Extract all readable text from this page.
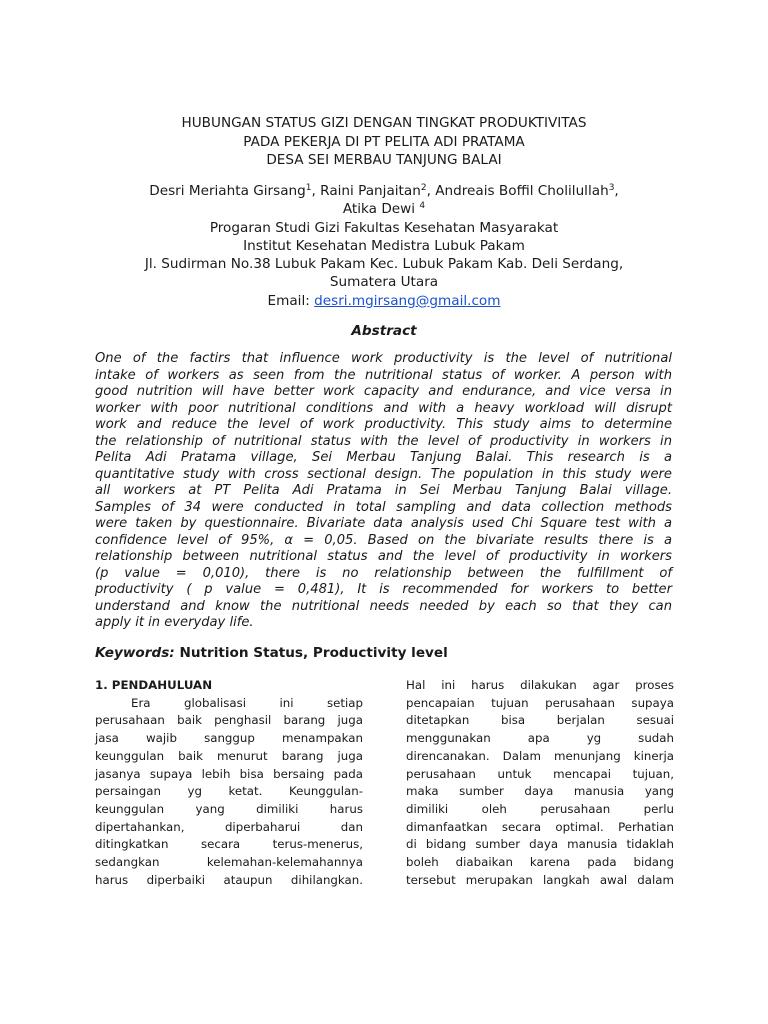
HUBUNGAN STATUS GIZI DENGAN TINGKAT PRODUKTIVITAS
PADA PEKERJA DI PT PELITA ADI PRATAMA
DESA SEI MERBAU TANJUNG BALAI
Desri Meriahta Girsang$^1$, Raini Panjaitan$^2$, Andreais Boffil Cholilullah$^3$,
Atika Dewi $^4$
Progaran Studi Gizi Fakultas Kesehatan Masyarakat
Institut Kesehatan Medistra Lubuk Pakam
Jl. Sudirman No.38 Lubuk Pakam Kec. Lubuk Pakam Kab. Deli Serdang,
Sumatera Utara
Email: desri.mgirsang@gmail.com
Abstract
One of the factirs that influence work productivity is the level of nutritional
intake of workers as seen from the nutritional status of worker. A person with
good nutrition will have better work capacity and endurance, and vice versa in
worker with poor nutritional conditions and with a heavy workload will disrupt
work and reduce the level of work productivity. This study aims to determine
the relationship of nutritional status with the level of productivity in workers in
Pelita Adi Pratama village, Sei Merbau Tanjung Balai. This research is a
quantitative study with cross sectional design. The population in this study were
all workers at PT Pelita Adi Pratama in Sei Merbau Tanjung Balai village.
Samples of 34 were conducted in total sampling and data collection methods
were taken by questionnaire. Bivariate data analysis used Chi Square test with a
confidence level of 95%, α = 0,05. Based on the bivariate results there is a
relationship between nutritional status and the level of productivity in workers
(p value = 0,010), there is no relationship between the fulfillment of
productivity ( p value = 0,481), It is recommended for workers to better
understand and know the nutritional needs needed by each so that they can
apply it in everyday life.
Keywords: Nutrition Status, Productivity level
1. PENDAHULUAN
Era globalisasi ini setiap
perusahaan baik penghasil barang juga
jasa wajib sanggup menampakan
keunggulan baik menurut barang juga
jasanya supaya lebih bisa bersaing pada
persaingan yg ketat. Keunggulan-
keunggulan yang dimiliki harus
dipertahankan, diperbaharui dan
ditingkatkan secara terus-menerus,
sedangkan kelemahan-kelemahannya
harus diperbaiki ataupun dihilangkan.
Hal ini harus dilakukan agar proses
pencapaian tujuan perusahaan supaya
ditetapkan bisa berjalan sesuai
menggunakan apa yg sudah
direncanakan. Dalam menunjang kinerja
perusahaan untuk mencapai tujuan,
maka sumber daya manusia yang
dimiliki oleh perusahaan perlu
dimanfaatkan secara optimal. Perhatian
di bidang sumber daya manusia tidaklah
boleh diabaikan karena pada bidang
tersebut merupakan langkah awal dalam
